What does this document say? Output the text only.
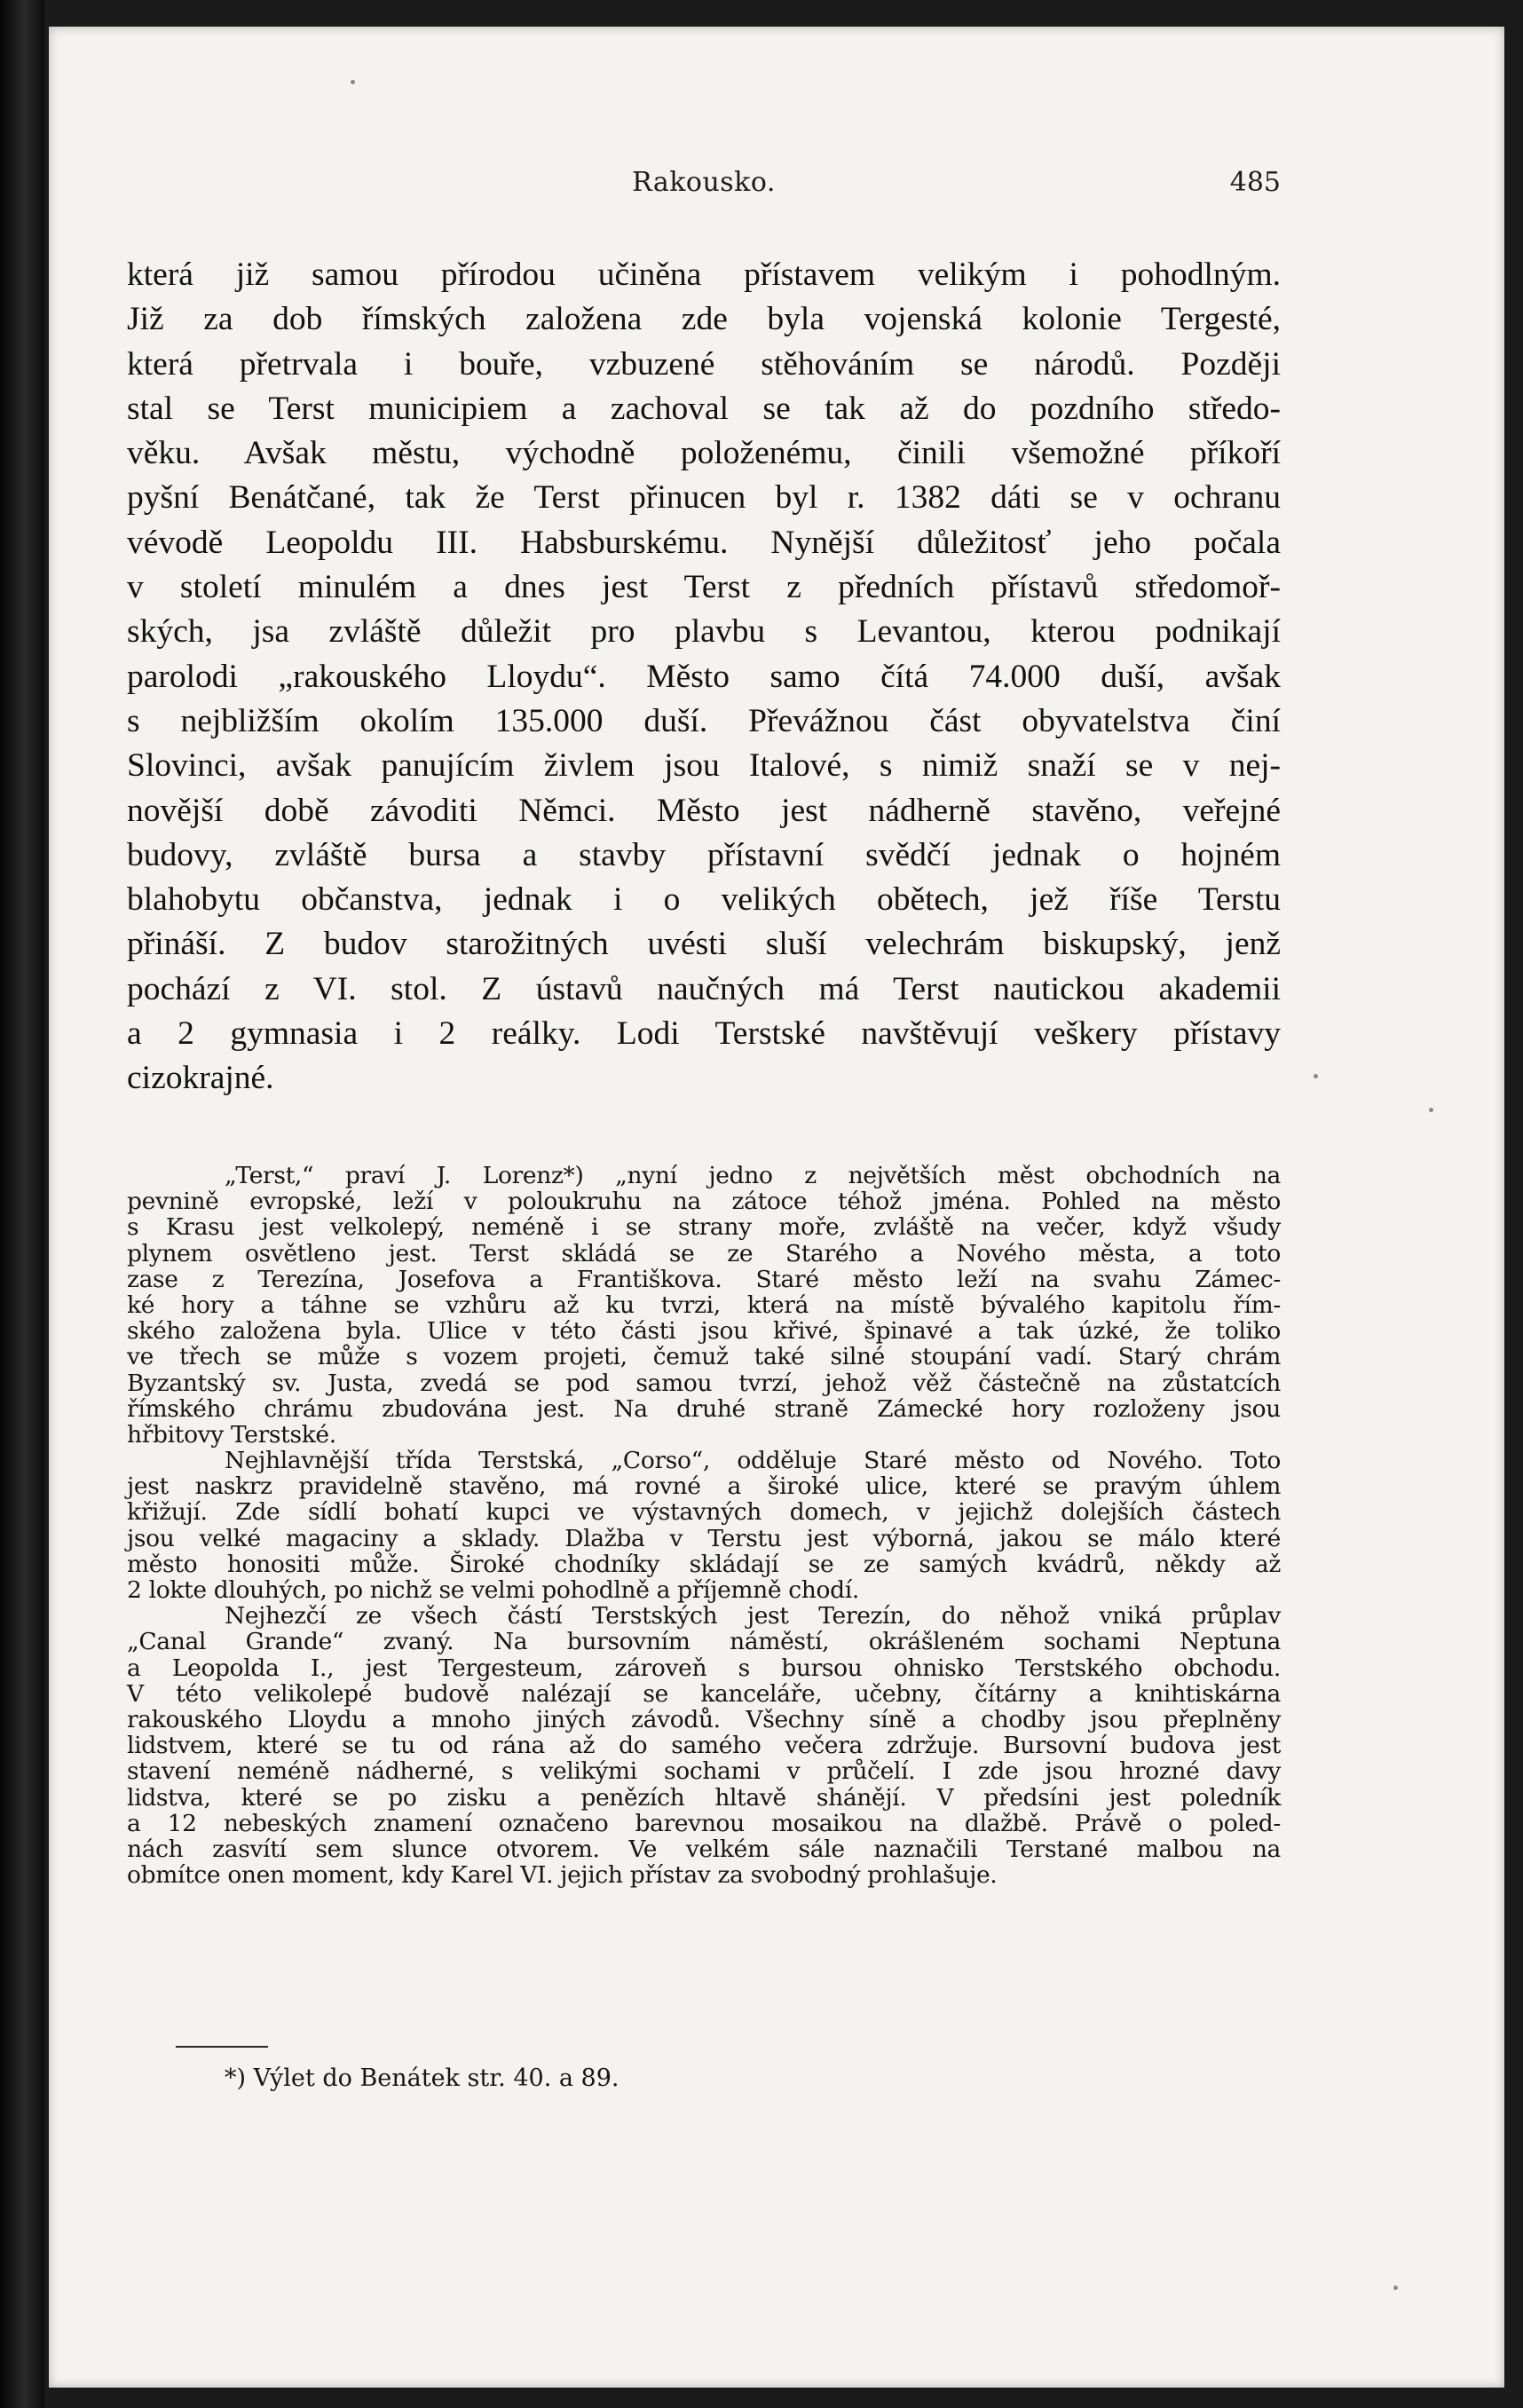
Rakousko.	485
která již samou přírodou učiněna přístavem velikým i pohodlným.
Již za dob římských založena zde byla vojenská kolonie Tergesté,
která přetrvala i bouře, vzbuzené stěhováním se národů. Později
stal se Terst municipiem a zachoval se tak až do pozdního středo-
věku. Avšak městu, východně položenému, činili všemožné příkoří
pyšní Benátčané, tak že Terst přinucen byl r. 1382 dáti se v ochranu
vévodě Leopoldu III. Habsburskému. Nynější důležitosť jeho počala
v století minulém a dnes jest Terst z předních přístavů středomoř-
ských, jsa zvláště důležit pro plavbu s Levantou, kterou podnikají
parolodi „rakouského Lloydu“. Město samo čítá 74.000 duší, avšak
s nejbližším okolím 135.000 duší. Převážnou část obyvatelstva činí
Slovinci, avšak panujícím živlem jsou Italové, s nimiž snaží se v nej-
novější době závoditi Němci. Město jest nádherně stavěno, veřejné
budovy, zvláště bursa a stavby přístavní svědčí jednak o hojném
blahobytu občanstva, jednak i o velikých obětech, jež říše Terstu
přináší. Z budov starožitných uvésti sluší velechrám biskupský, jenž
pochází z VI. stol. Z ústavů naučných má Terst nautickou akademii
a 2 gymnasia i 2 reálky. Lodi Terstské navštěvují veškery přístavy
cizokrajné.
„Terst,“ praví J. Lorenz*) „nyní jedno z největších měst obchodních na
pevnině evropské, leží v poloukruhu na zátoce téhož jména. Pohled na město
s Krasu jest velkolepý, neméně i se strany moře, zvláště na večer, když všudy
plynem osvětleno jest. Terst skládá se ze Starého a Nového města, a toto
zase z Terezína, Josefova a Františkova. Staré město leží na svahu Zámec-
ké hory a táhne se vzhůru až ku tvrzi, která na místě bývalého kapitolu řím-
ského založena byla. Ulice v této části jsou křivé, špinavé a tak úzké, že toliko
ve třech se může s vozem projeti, čemuž také silné stoupání vadí. Starý chrám
Byzantský sv. Justa, zvedá se pod samou tvrzí, jehož věž částečně na zůstatcích
římského chrámu zbudována jest. Na druhé straně Zámecké hory rozloženy jsou
hřbitovy Terstské.
Nejhlavnější třída Terstská, „Corso“, odděluje Staré město od Nového. Toto
jest naskrz pravidelně stavěno, má rovné a široké ulice, které se pravým úhlem
křižují. Zde sídlí bohatí kupci ve výstavných domech, v jejichž dolejších částech
jsou velké magaciny a sklady. Dlažba v Terstu jest výborná, jakou se málo které
město honositi může. Široké chodníky skládají se ze samých kvádrů, někdy až
2 lokte dlouhých, po nichž se velmi pohodlně a příjemně chodí.
Nejhezčí ze všech částí Terstských jest Terezín, do něhož vniká průplav
„Canal Grande“ zvaný. Na bursovním náměstí, okrášleném sochami Neptuna
a Leopolda I., jest Tergesteum, zároveň s bursou ohnisko Terstského obchodu.
V této velikolepé budově nalézají se kanceláře, učebny, čítárny a knihtiskárna
rakouského Lloydu a mnoho jiných závodů. Všechny síně a chodby jsou přeplněny
lidstvem, které se tu od rána až do samého večera zdržuje. Bursovní budova jest
stavení neméně nádherné, s velikými sochami v průčelí. I zde jsou hrozné davy
lidstva, které se po zisku a penězích hltavě shánějí. V předsíni jest poledník
a 12 nebeských znamení označeno barevnou mosaikou na dlažbě. Právě o poled-
nách zasvítí sem slunce otvorem. Ve velkém sále naznačili Terstané malbou na
obmítce onen moment, kdy Karel VI. jejich přístav za svobodný prohlašuje.
*) Výlet do Benátek str. 40. a 89.
